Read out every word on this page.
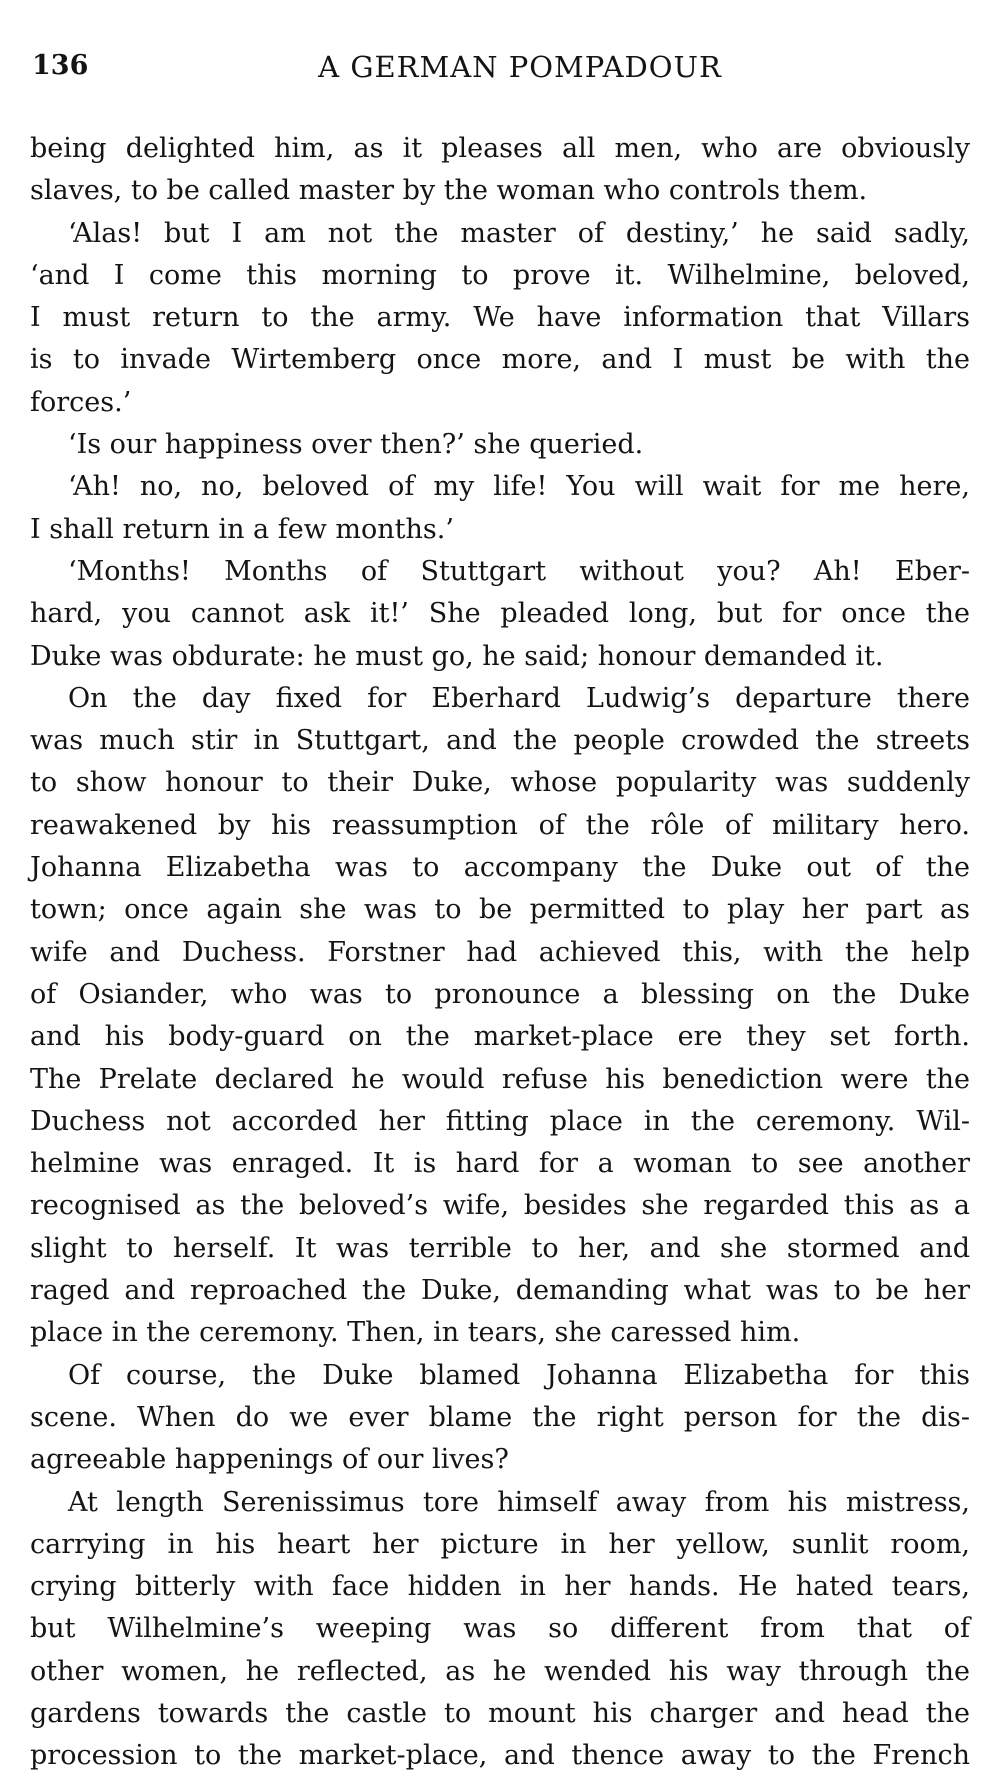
136	A GERMAN POMPADOUR
being delighted him, as it pleases all men, who are obviously
slaves, to be called master by the woman who controls them.
‘Alas! but I am not the master of destiny,’ he said sadly,
‘and I come this morning to prove it. Wilhelmine, beloved,
I must return to the army. We have information that Villars
is to invade Wirtemberg once more, and I must be with the
forces.’
‘Is our happiness over then?’ she queried.
‘Ah! no, no, beloved of my life! You will wait for me here,
I shall return in a few months.’
‘Months! Months of Stuttgart without you? Ah! Eber-
hard, you cannot ask it!’ She pleaded long, but for once the
Duke was obdurate: he must go, he said; honour demanded it.
On the day fixed for Eberhard Ludwig’s departure there
was much stir in Stuttgart, and the people crowded the streets
to show honour to their Duke, whose popularity was suddenly
reawakened by his reassumption of the rôle of military hero.
Johanna Elizabetha was to accompany the Duke out of the
town; once again she was to be permitted to play her part as
wife and Duchess. Forstner had achieved this, with the help
of Osiander, who was to pronounce a blessing on the Duke
and his body-guard on the market-place ere they set forth.
The Prelate declared he would refuse his benediction were the
Duchess not accorded her fitting place in the ceremony. Wil-
helmine was enraged. It is hard for a woman to see another
recognised as the beloved’s wife, besides she regarded this as a
slight to herself. It was terrible to her, and she stormed and
raged and reproached the Duke, demanding what was to be her
place in the ceremony. Then, in tears, she caressed him.
Of course, the Duke blamed Johanna Elizabetha for this
scene. When do we ever blame the right person for the dis-
agreeable happenings of our lives?
At length Serenissimus tore himself away from his mistress,
carrying in his heart her picture in her yellow, sunlit room,
crying bitterly with face hidden in her hands. He hated tears,
but Wilhelmine’s weeping was so different from that of
other women, he reflected, as he wended his way through the
gardens towards the castle to mount his charger and head the
procession to the market-place, and thence away to the French
